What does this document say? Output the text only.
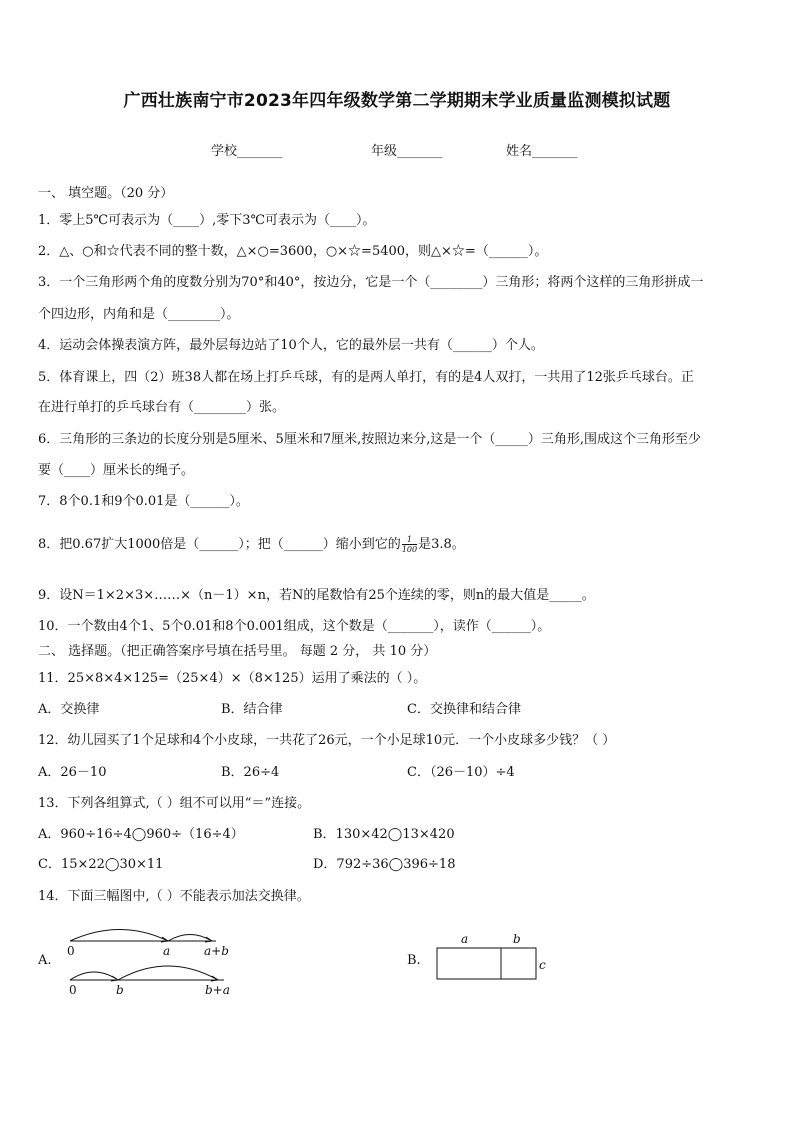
广西壮族南宁市2023年四年级数学第二学期期末学业质量监测模拟试题
学校_______	年级_______	姓名_______
一、 填空题。（20 分）
1．零上5℃可表示为（____）,零下3℃可表示为（____）。
2．△、○和☆代表不同的整十数，△×○=3600，○×☆=5400，则△×☆=（______）。
3．一个三角形两个角的度数分别为70°和40°，按边分，它是一个（________）三角形；将两个这样的三角形拼成一
个四边形，内角和是（________）。
4．运动会体操表演方阵，最外层每边站了10个人，它的最外层一共有（______）个人。
5．体育课上，四（2）班38人都在场上打乒乓球，有的是两人单打，有的是4人双打，一共用了12张乒乓球台。正
在进行单打的乒乓球台有（________）张。
6．三角形的三条边的长度分别是5厘米、5厘米和7厘米,按照边来分,这是一个（_____）三角形,围成这个三角形至少
要（____）厘米长的绳子。
7．8个0.1和9个0.01是（______）。
8．把0.67扩大1000倍是（______）；把（______）缩小到它的 $\frac{1}{100}$ 是3.8。
9．设N＝1×2×3×……×（n－1）×n，若N的尾数恰有25个连续的零，则n的最大值是_____。
10．一个数由4个1、5个0.01和8个0.001组成，这个数是（_______），读作（______）。
二、 选择题。（把正确答案序号填在括号里。 每题 2 分， 共 10 分）
11．25×8×4×125=（25×4）×（8×125）运用了乘法的（ ）。
A．交换律	B．结合律	C．交换律和结合律
12．幼儿园买了1个足球和4个小皮球，一共花了26元，一个小足球10元．一个小皮球多少钱？（ ）
A．26－10	B．26÷4	C．（26－10）÷4
13．下列各组算式,（ ）组不可以用“＝”连接。
A．960÷16÷4◯960÷（16÷4）	B．130×42◯13×420
C．15×22◯30×11	D．792÷36◯396÷18
14．下面三幅图中,（ ）不能表示加法交换律。
A.	B.
0	a	a+b
0	b	b+a
a	b
c
